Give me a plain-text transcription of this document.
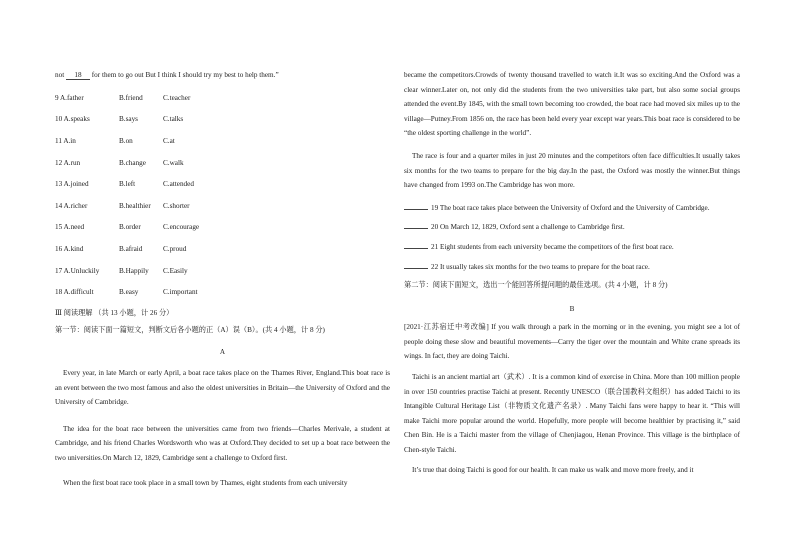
not 18 for them to go out But I think I should try my best to help them.”
9 A.father	B.friend	C.teacher
10 A.speaks	B.says	C.talks
11 A.in	B.on	C.at
12 A.run	B.change	C.walk
13 A.joined	B.left	C.attended
14 A.richer	B.healthier	C.shorter
15 A.need	B.order	C.encourage
16 A.kind	B.afraid	C.proud
17 A.Unluckily	B.Happily	C.Easily
18 A.difficult	B.easy	C.important
Ⅲ 阅读理解 （共 13 小题，计 26 分）
第一节：阅读下面一篇短文，判断文后各小题的正（A）误（B）。(共 4 小题，计 8 分)
A
Every year, in late March or early April, a boat race takes place on the Thames River, England.This boat race is an event between the two most famous and also the oldest universities in Britain—the University of Oxford and the University of Cambridge.
The idea for the boat race between the universities came from two friends—Charles Merivale, a student at Cambridge, and his friend Charles Wordsworth who was at Oxford.They decided to set up a boat race between the two universities.On March 12, 1829, Cambridge sent a challenge to Oxford first.
When the first boat race took place in a small town by Thames, eight students from each university
became the competitors.Crowds of twenty thousand travelled to watch it.It was so exciting.And the Oxford was a clear winner.Later on, not only did the students from the two universities take part, but also some social groups attended the event.By 1845, with the small town becoming too crowded, the boat race had moved six miles up to the village—Putney.From 1856 on, the race has been held every year except war years.This boat race is considered to be “the oldest sporting challenge in the world”.
The race is four and a quarter miles in just 20 minutes and the competitors often face difficulties.It usually takes six months for the two teams to prepare for the big day.In the past, the Oxford was mostly the winner.But things have changed from 1993 on.The Cambridge has won more.
19 The boat race takes place between the University of Oxford and the University of Cambridge.
20 On March 12, 1829, Oxford sent a challenge to Cambridge first.
21 Eight students from each university became the competitors of the first boat race.
22 It usually takes six months for the two teams to prepare for the boat race.
第二节：阅读下面短文，选出一个能回答所提问题的最佳选项。(共 4 小题，计 8 分)
B
[2021·江苏宿迁中考改编] If you walk through a park in the morning or in the evening, you might see a lot of people doing these slow and beautiful movements—Carry the tiger over the mountain and White crane spreads its wings. In fact, they are doing Taichi.
Taichi is an ancient martial art（武术）. It is a common kind of exercise in China. More than 100 million people in over 150 countries practise Taichi at present. Recently UNESCO（联合国教科文组织）has added Taichi to its Intangible Cultural Heritage List（非物质文化遗产名录）. Many Taichi fans were happy to hear it. “This will make Taichi more popular around the world. Hopefully, more people will become healthier by practising it,” said Chen Bin. He is a Taichi master from the village of Chenjiagou, Henan Province. This village is the birthplace of Chen-style Taichi.
It’s true that doing Taichi is good for our health. It can make us walk and move more freely, and it
